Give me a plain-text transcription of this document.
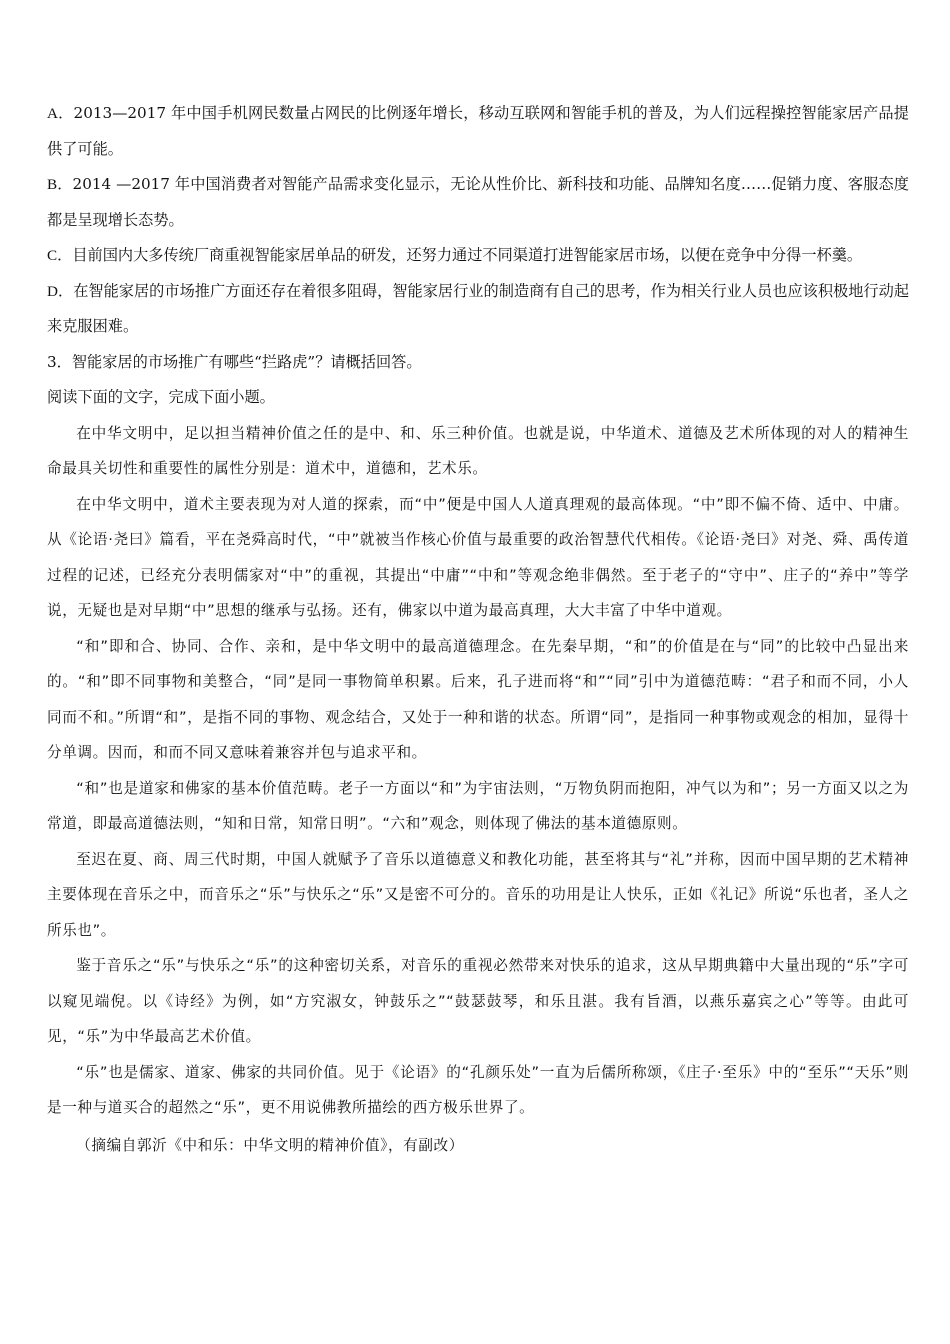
A．2013—2017 年中国手机网民数量占网民的比例逐年增长，移动互联网和智能手机的普及，为人们远程操控智能家居产品提供了可能。

B．2014 —2017 年中国消费者对智能产品需求变化显示，无论从性价比、新科技和功能、品牌知名度……促销力度、客服态度都是呈现增长态势。

C．目前国内大多传统厂商重视智能家居单品的研发，还努力通过不同渠道打进智能家居市场，以便在竞争中分得一杯羹。

D．在智能家居的市场推广方面还存在着很多阻碍，智能家居行业的制造商有自己的思考，作为相关行业人员也应该积极地行动起来克服困难。

3．智能家居的市场推广有哪些“拦路虎”？请概括回答。

阅读下面的文字，完成下面小题。

在中华文明中，足以担当精神价值之任的是中、和、乐三种价值。也就是说，中华道术、道德及艺术所体现的对人的精神生命最具关切性和重要性的属性分别是：道术中，道德和，艺术乐。

在中华文明中，道术主要表现为对人道的探索，而“中”便是中国人人道真理观的最高体现。“中”即不偏不倚、适中、中庸。从《论语·尧曰》篇看，平在尧舜高时代，“中”就被当作核心价值与最重要的政治智慧代代相传。《论语·尧曰》对尧、舜、禹传道过程的记述，已经充分表明儒家对“中”的重视，其提出“中庸”“中和”等观念绝非偶然。至于老子的“守中”、庄子的“养中”等学说，无疑也是对早期“中”思想的继承与弘扬。还有，佛家以中道为最高真理，大大丰富了中华中道观。

“和”即和合、协同、合作、亲和，是中华文明中的最高道德理念。在先秦早期，“和”的价值是在与“同”的比较中凸显出来的。“和”即不同事物和美整合，“同”是同一事物简单积累。后来，孔子进而将“和”“同”引中为道德范畴：“君子和而不同，小人同而不和。”所谓“和”，是指不同的事物、观念结合，又处于一种和谐的状态。所谓“同”，是指同一种事物或观念的相加，显得十分单调。因而，和而不同又意味着兼容并包与追求平和。

“和”也是道家和佛家的基本价值范畴。老子一方面以“和”为宇宙法则，“万物负阴而抱阳，冲气以为和”；另一方面又以之为常道，即最高道德法则，“知和日常，知常日明”。“六和”观念，则体现了佛法的基本道德原则。

至迟在夏、商、周三代时期，中国人就赋予了音乐以道德意义和教化功能，甚至将其与“礼”并称，因而中国早期的艺术精神主要体现在音乐之中，而音乐之“乐”与快乐之“乐”又是密不可分的。音乐的功用是让人快乐，正如《礼记》所说“乐也者，圣人之所乐也”。

鉴于音乐之“乐”与快乐之“乐”的这种密切关系，对音乐的重视必然带来对快乐的追求，这从早期典籍中大量出现的“乐”字可以窥见端倪。以《诗经》为例，如“方究淑女，钟鼓乐之”“鼓瑟鼓琴，和乐且湛。我有旨酒，以燕乐嘉宾之心”等等。由此可见，“乐”为中华最高艺术价值。

“乐”也是儒家、道家、佛家的共同价值。见于《论语》的“孔颜乐处”一直为后儒所称颂，《庄子·至乐》中的“至乐”“天乐”则是一种与道买合的超然之“乐”，更不用说佛教所描绘的西方极乐世界了。

（摘编自郭沂《中和乐：中华文明的精神价值》，有副改）
